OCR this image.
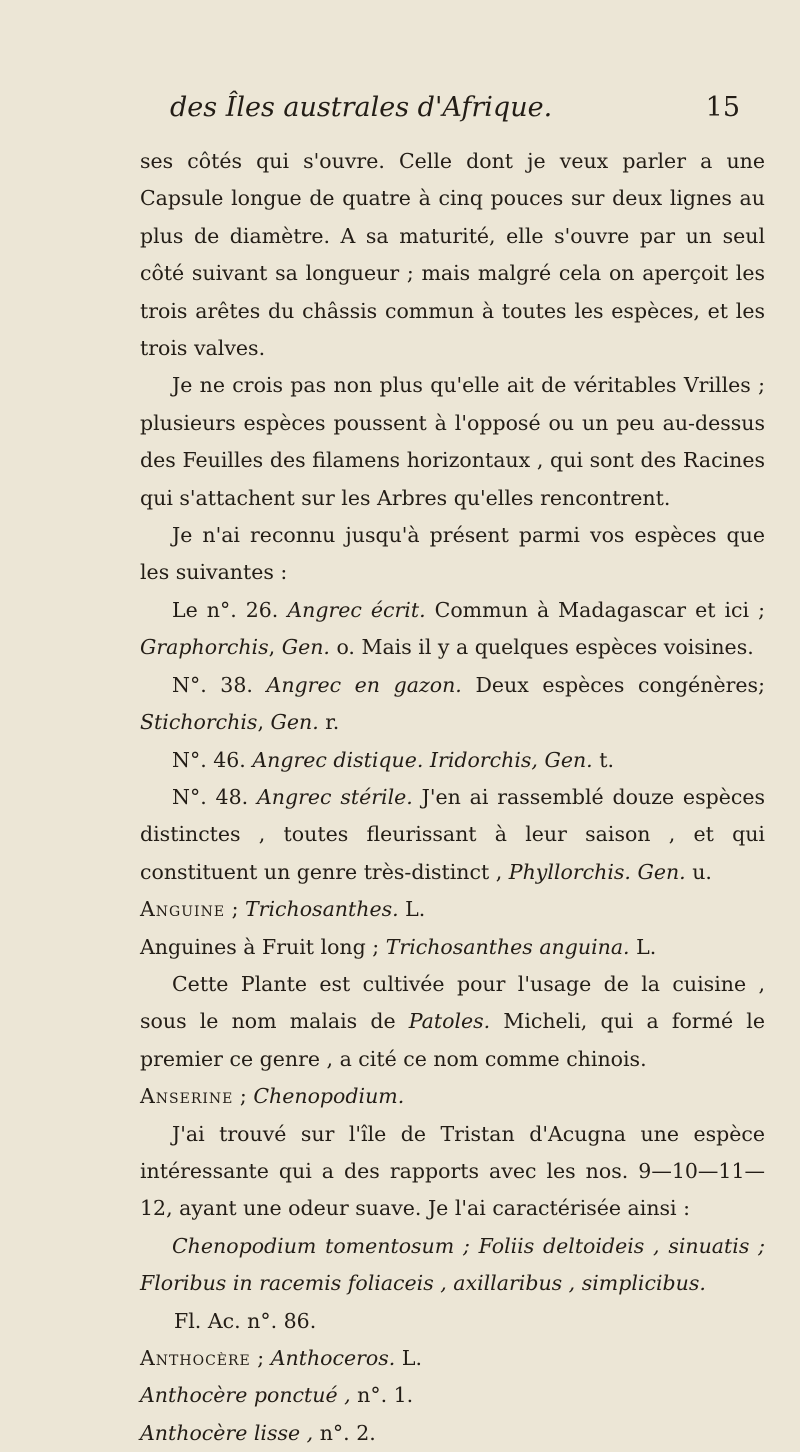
des Îles australes d'Afrique.	15

ses côtés qui s'ouvre. Celle dont je veux parler a une Capsule longue de quatre à cinq pouces sur deux lignes au plus de diamètre. A sa maturité, elle s'ouvre par un seul côté suivant sa longueur ; mais malgré cela on aperçoit les trois arêtes du châssis commun à toutes les espèces, et les trois valves.

Je ne crois pas non plus qu'elle ait de véritables Vrilles ; plusieurs espèces poussent à l'opposé ou un peu au-dessus des Feuilles des filamens horizontaux , qui sont des Racines qui s'attachent sur les Arbres qu'elles rencontrent.

Je n'ai reconnu jusqu'à présent parmi vos espèces que les suivantes :

Le n°. 26. Angrec écrit. Commun à Madagascar et ici ; Graphorchis, Gen. o. Mais il y a quelques espèces voisines.

N°. 38. Angrec en gazon. Deux espèces congénères; Stichorchis, Gen. r.

N°. 46. Angrec distique. Iridorchis, Gen. t.

N°. 48. Angrec stérile. J'en ai rassemblé douze espèces distinctes , toutes fleurissant à leur saison , et qui constituent un genre très-distinct , Phyllorchis. Gen. u.

Anguine ; Trichosanthes. L.

Anguines à Fruit long ; Trichosanthes anguina. L.

Cette Plante est cultivée pour l'usage de la cuisine , sous le nom malais de Patoles. Micheli, qui a formé le premier ce genre , a cité ce nom comme chinois.

Anserine ; Chenopodium.

J'ai trouvé sur l'île de Tristan d'Acugna une espèce intéressante qui a des rapports avec les nos. 9—10—11—12, ayant une odeur suave. Je l'ai caractérisée ainsi :

Chenopodium tomentosum ; Foliis deltoideis , sinuatis ; Floribus in racemis foliaceis , axillaribus , simplicibus.

Fl. Ac. n°. 86.

Anthocère ; Anthoceros. L.

Anthocère ponctué , n°. 1.

Anthocère lisse , n°. 2.
